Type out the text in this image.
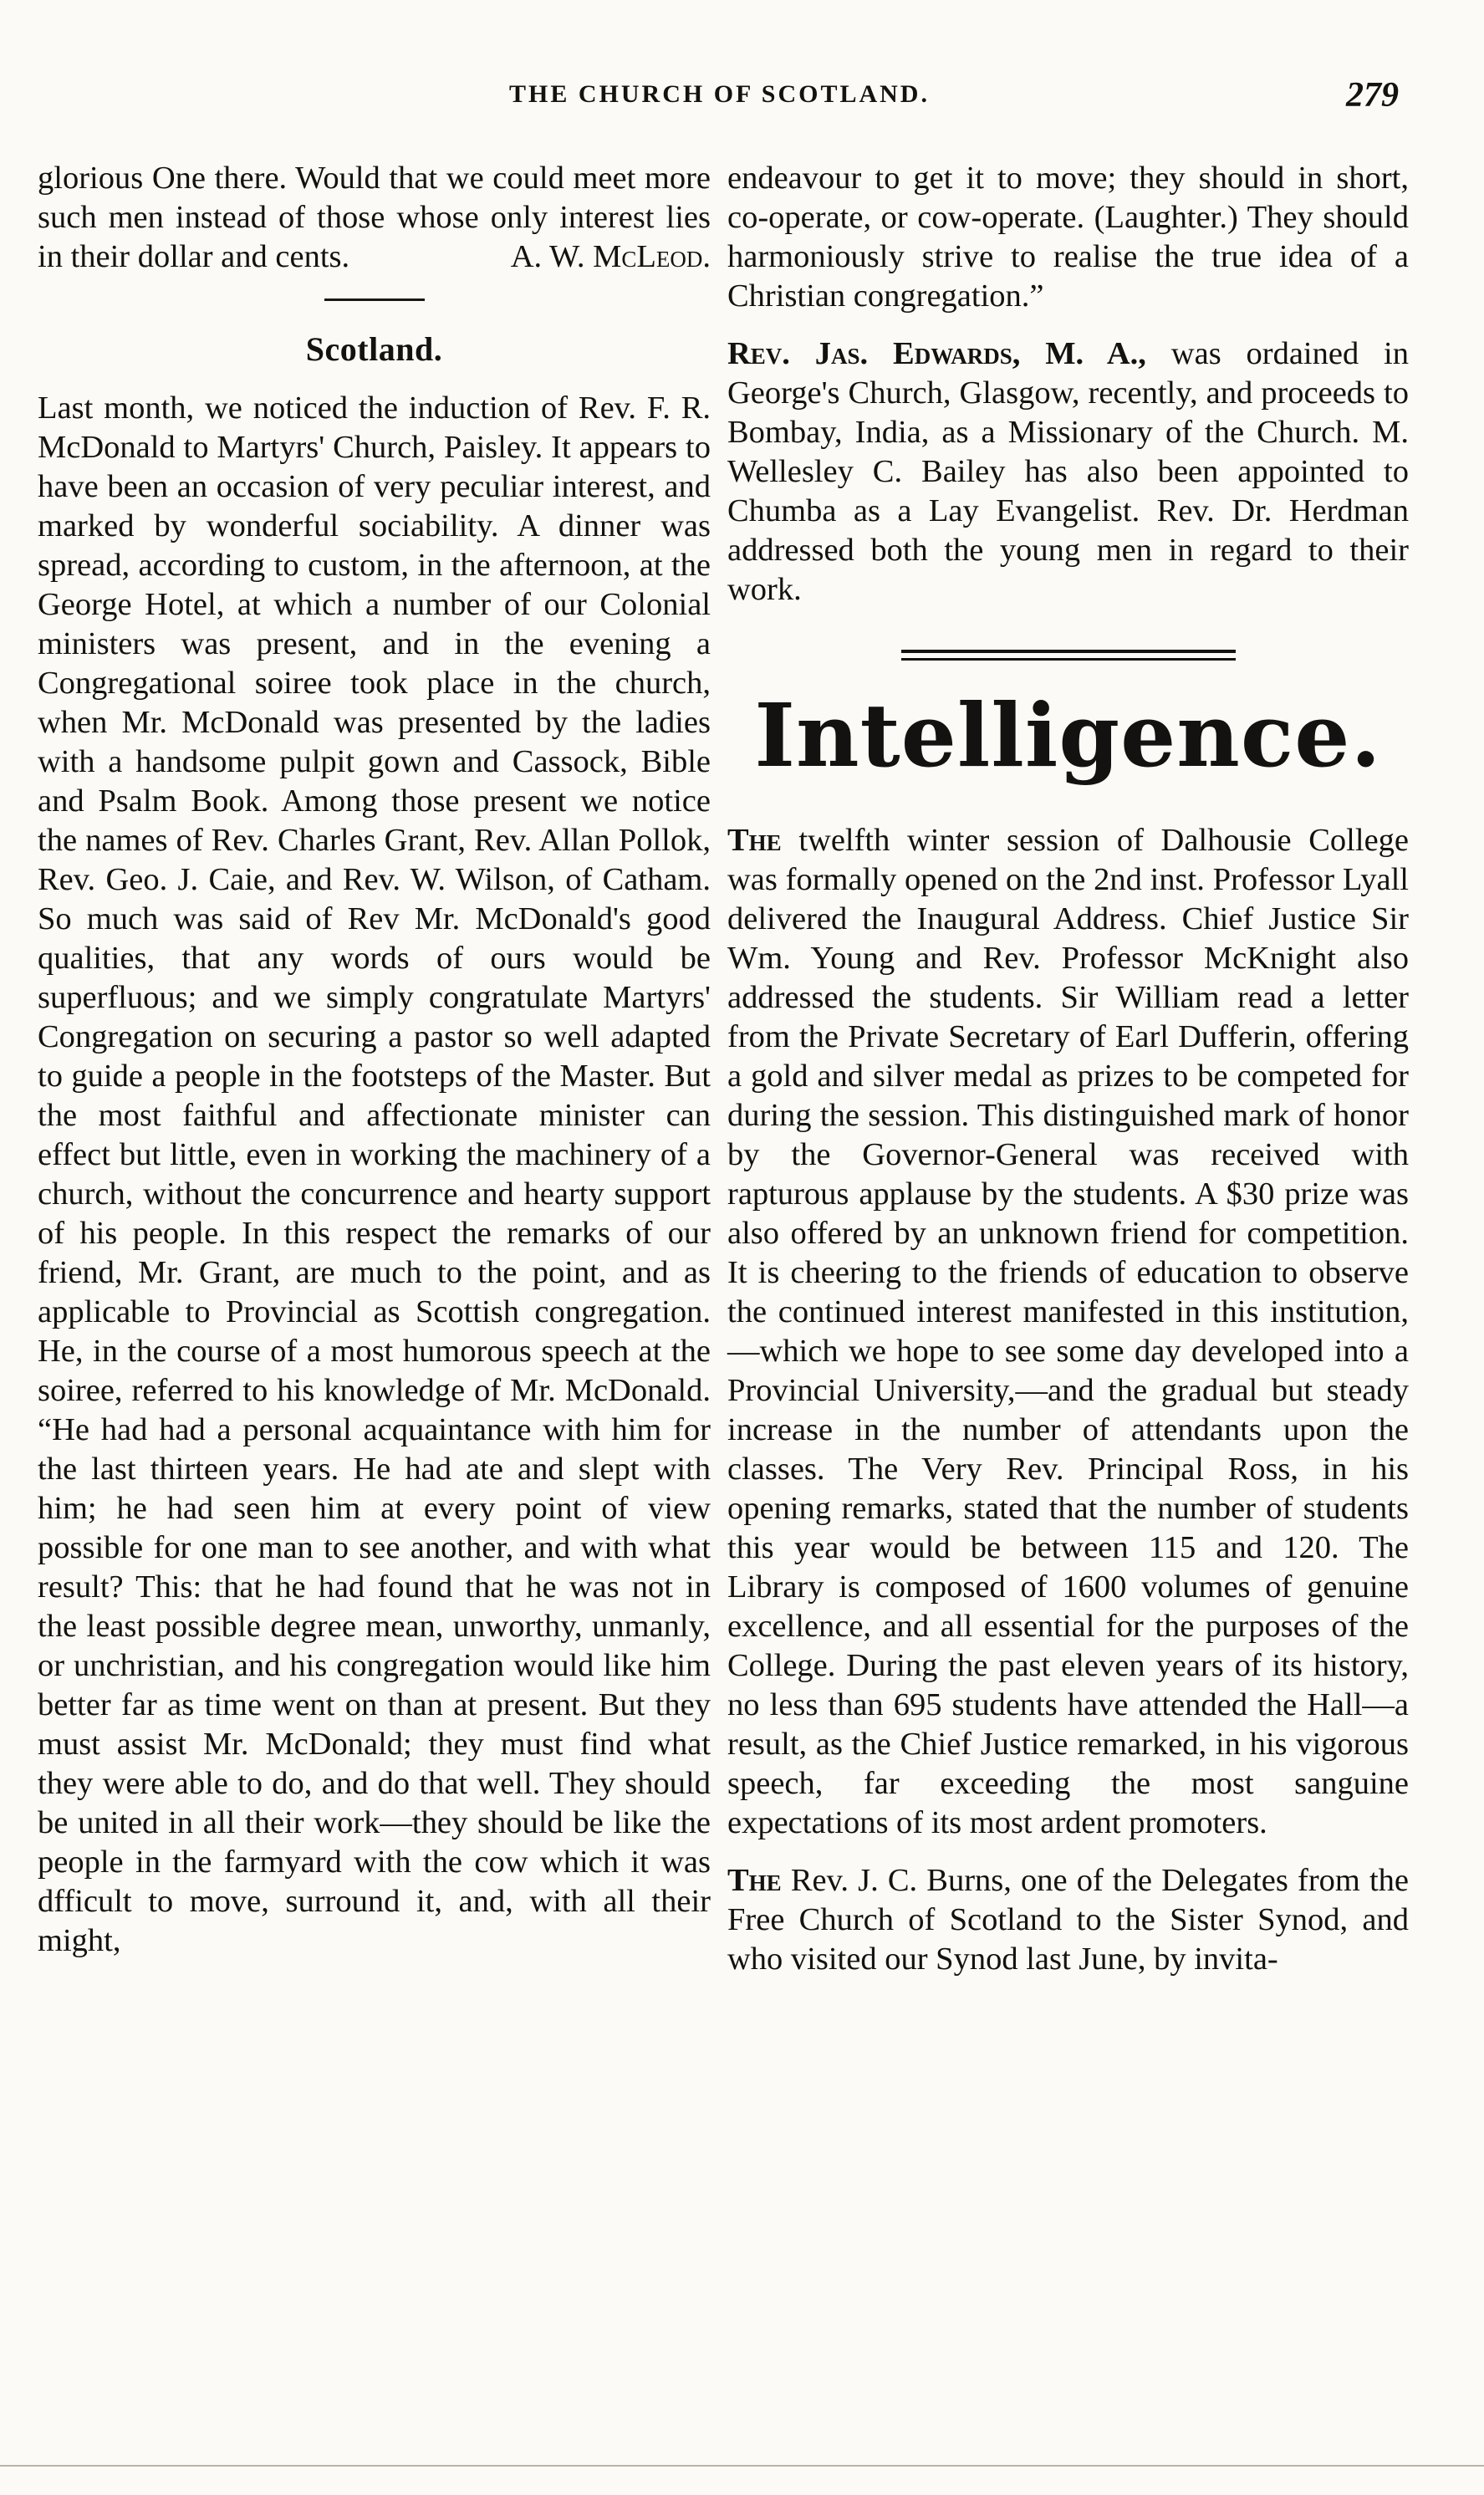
THE CHURCH OF SCOTLAND.	279

glorious One there. Would that we could meet more such men instead of those whose only interest lies in their dollar and cents.	A. W. McLeod.

Scotland.

Last month, we noticed the induction of Rev. F. R. McDonald to Martyrs' Church, Paisley. It appears to have been an occasion of very peculiar interest, and marked by wonderful sociability. A dinner was spread, according to custom, in the afternoon, at the George Hotel, at which a number of our Colonial ministers was present, and in the evening a Congregational soiree took place in the church, when Mr. McDonald was presented by the ladies with a handsome pulpit gown and Cassock, Bible and Psalm Book. Among those present we notice the names of Rev. Charles Grant, Rev. Allan Pollok, Rev. Geo. J. Caie, and Rev. W. Wilson, of Catham. So much was said of Rev Mr. McDonald's good qualities, that any words of ours would be superfluous; and we simply congratulate Martyrs' Congregation on securing a pastor so well adapted to guide a people in the footsteps of the Master. But the most faithful and affectionate minister can effect but little, even in working the machinery of a church, without the concurrence and hearty support of his people. In this respect the remarks of our friend, Mr. Grant, are much to the point, and as applicable to Provincial as Scottish congregation. He, in the course of a most humorous speech at the soiree, referred to his knowledge of Mr. McDonald. “He had had a personal acquaintance with him for the last thirteen years. He had ate and slept with him; he had seen him at every point of view possible for one man to see another, and with what result? This: that he had found that he was not in the least possible degree mean, unworthy, unmanly, or unchristian, and his congregation would like him better far as time went on than at present. But they must assist Mr. McDonald; they must find what they were able to do, and do that well. They should be united in all their work—they should be like the people in the farmyard with the cow which it was dfficult to move, surround it, and, with all their might,

endeavour to get it to move; they should in short, co-operate, or cow-operate. (Laughter.) They should harmoniously strive to realise the true idea of a Christian congregation.”

Rev. Jas. Edwards, M. A., was ordained in George's Church, Glasgow, recently, and proceeds to Bombay, India, as a Missionary of the Church. M. Wellesley C. Bailey has also been appointed to Chumba as a Lay Evangelist. Rev. Dr. Herdman addressed both the young men in regard to their work.

Intelligence.

The twelfth winter session of Dalhousie College was formally opened on the 2nd inst. Professor Lyall delivered the Inaugural Address. Chief Justice Sir Wm. Young and Rev. Professor McKnight also addressed the students. Sir William read a letter from the Private Secretary of Earl Dufferin, offering a gold and silver medal as prizes to be competed for during the session. This distinguished mark of honor by the Governor-General was received with rapturous applause by the students. A $30 prize was also offered by an unknown friend for competition. It is cheering to the friends of education to observe the continued interest manifested in this institution,—which we hope to see some day developed into a Provincial University,—and the gradual but steady increase in the number of attendants upon the classes. The Very Rev. Principal Ross, in his opening remarks, stated that the number of students this year would be between 115 and 120. The Library is composed of 1600 volumes of genuine excellence, and all essential for the purposes of the College. During the past eleven years of its history, no less than 695 students have attended the Hall—a result, as the Chief Justice remarked, in his vigorous speech, far exceeding the most sanguine expectations of its most ardent promoters.

The Rev. J. C. Burns, one of the Delegates from the Free Church of Scotland to the Sister Synod, and who visited our Synod last June, by invita-
